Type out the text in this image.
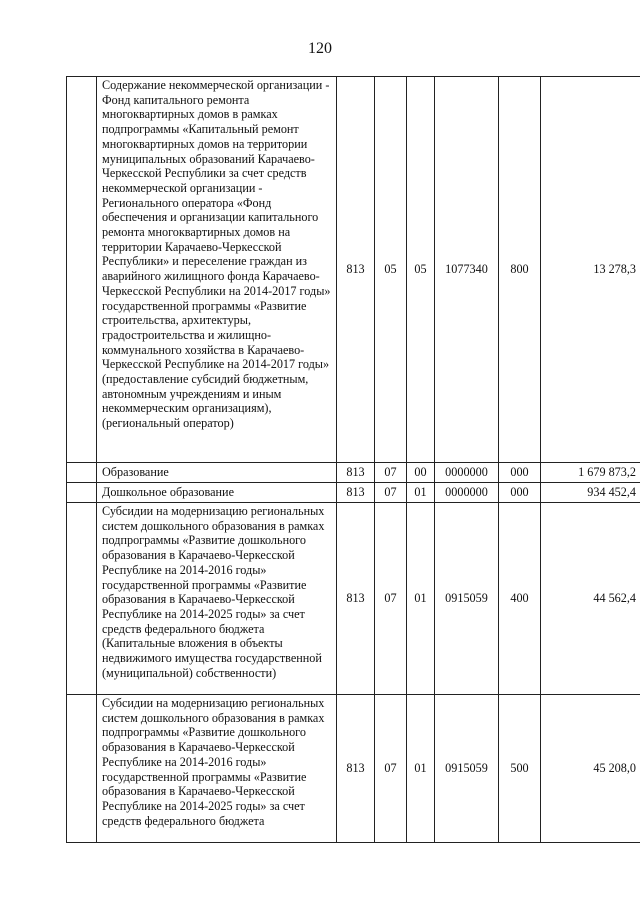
120
	Содержание некоммерческой организации - Фонд капитального ремонта многоквартирных домов в рамках подпрограммы «Капитальный ремонт многоквартирных домов на территории муниципальных образований Карачаево-Черкесской Республики за счет средств некоммерческой организации - Регионального оператора «Фонд обеспечения и организации капитального ремонта многоквартирных домов на территории Карачаево-Черкесской Республики» и переселение граждан из аварийного жилищного фонда Карачаево-Черкесской Республики на 2014-2017 годы» государственной программы «Развитие строительства, архитектуры, градостроительства и жилищно-коммунального хозяйства в Карачаево-Черкесской Республике на 2014-2017 годы» (предоставление субсидий бюджетным, автономным учреждениям и иным некоммерческим организациям), (региональный оператор)	813	05	05	1077340	800	13 278,3
	Образование	813	07	00	0000000	000	1 679 873,2
	Дошкольное образование	813	07	01	0000000	000	934 452,4
	Субсидии на модернизацию региональных систем дошкольного образования в рамках подпрограммы «Развитие дошкольного образования в Карачаево-Черкесской Республике на 2014-2016 годы» государственной программы «Развитие образования в Карачаево-Черкесской Республике на 2014-2025 годы» за счет средств федерального бюджета (Капитальные вложения в объекты недвижимого имущества государственной (муниципальной) собственности)	813	07	01	0915059	400	44 562,4
	Субсидии на модернизацию региональных систем дошкольного образования в рамках подпрограммы «Развитие дошкольного образования в Карачаево-Черкесской Республике на 2014-2016 годы» государственной программы «Развитие образования в Карачаево-Черкесской Республике на 2014-2025 годы» за счет средств федерального бюджета	813	07	01	0915059	500	45 208,0
